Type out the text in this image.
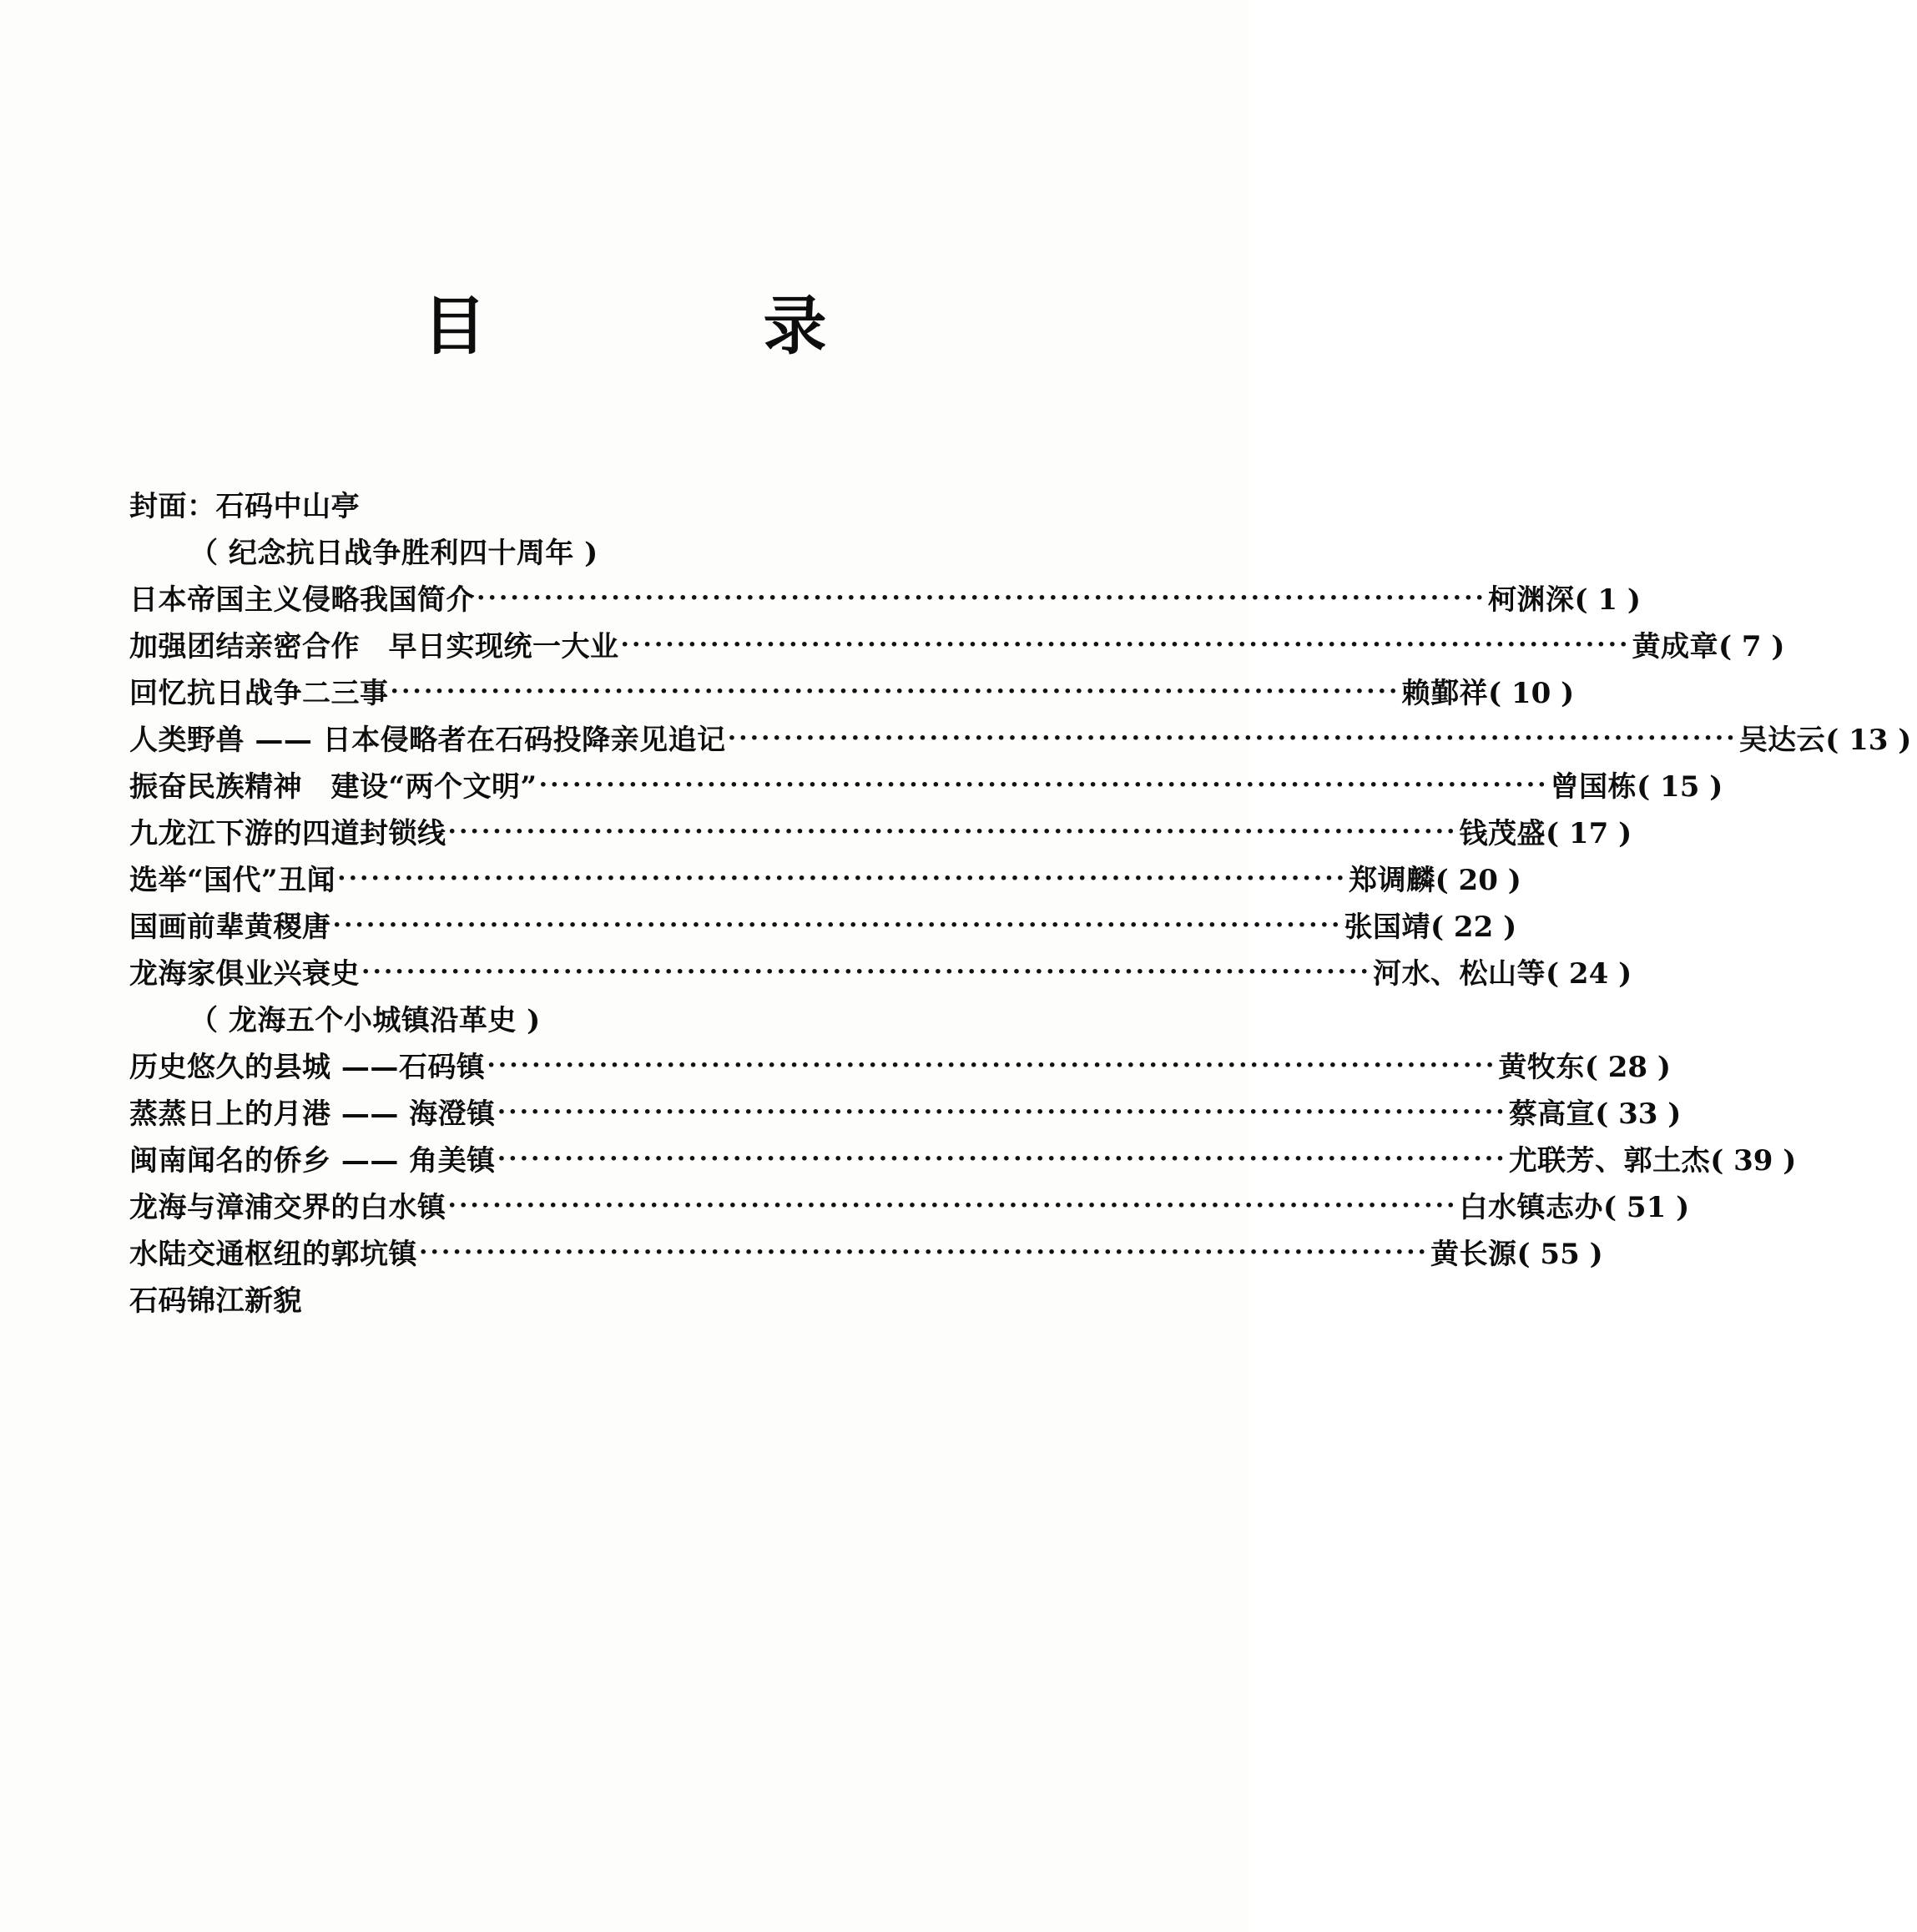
目　　录
封面：石码中山亭
（ 纪念抗日战争胜利四十周年 )
日本帝国主义侵略我国简介 ·························································································· 柯渊深 ( 1 )
加强团结亲密合作　早日实现统一大业 ·························································································· 黄成章 ( 7 )
回忆抗日战争二三事 ·························································································· 赖鄞祥 ( 10 )
人类野兽 —— 日本侵略者在石码投降亲见追记 ·························································································· 吴达云 ( 13 )
振奋民族精神　建设“两个文明” ·························································································· 曾国栋 ( 15 )
九龙江下游的四道封锁线 ·························································································· 钱茂盛 ( 17 )
选举“国代”丑闻 ·························································································· 郑调麟 ( 20 )
国画前辈黄稷唐 ·························································································· 张国靖 ( 22 )
龙海家俱业兴衰史 ·························································································· 河水、松山等 ( 24 )
（ 龙海五个小城镇沿革史 )
历史悠久的县城 ——石码镇 ·························································································· 黄牧东 ( 28 )
蒸蒸日上的月港 —— 海澄镇 ·························································································· 蔡高宣 ( 33 )
闽南闻名的侨乡 —— 角美镇 ·························································································· 尤联芳、郭土杰 ( 39 )
龙海与漳浦交界的白水镇 ·························································································· 白水镇志办 ( 51 )
水陆交通枢纽的郭坑镇 ·························································································· 黄长源 ( 55 )
石码锦江新貌
